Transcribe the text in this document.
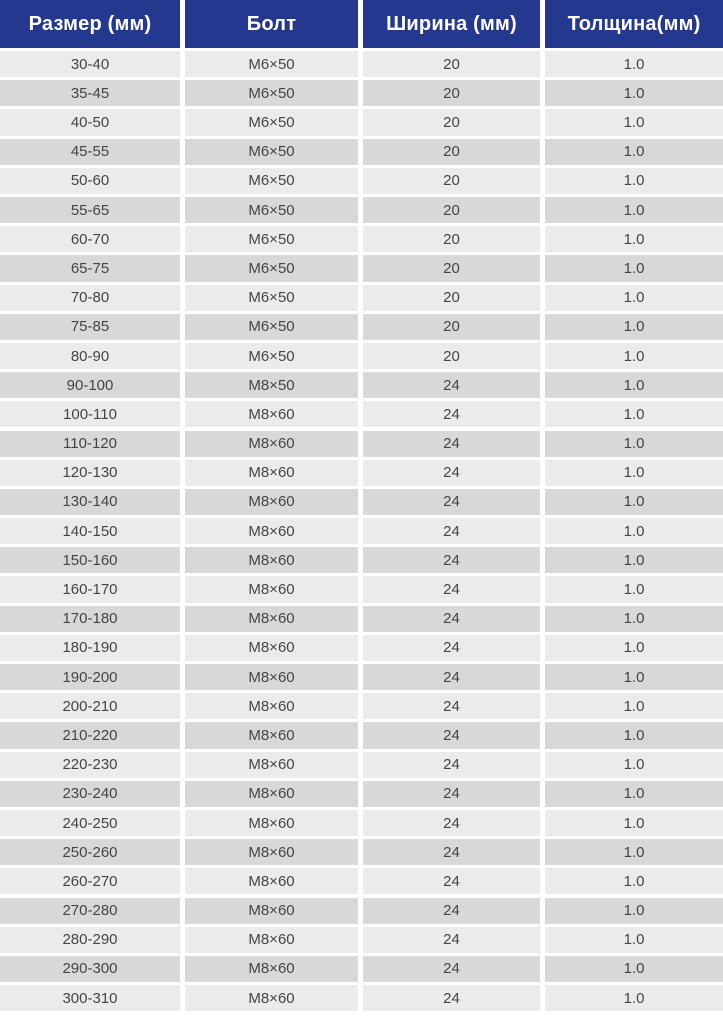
Размер (мм)	Болт	Ширина (мм)	Толщина(мм)
30-40	M6×50	20	1.0
35-45	M6×50	20	1.0
40-50	M6×50	20	1.0
45-55	M6×50	20	1.0
50-60	M6×50	20	1.0
55-65	M6×50	20	1.0
60-70	M6×50	20	1.0
65-75	M6×50	20	1.0
70-80	M6×50	20	1.0
75-85	M6×50	20	1.0
80-90	M6×50	20	1.0
90-100	M8×50	24	1.0
100-110	M8×60	24	1.0
110-120	M8×60	24	1.0
120-130	M8×60	24	1.0
130-140	M8×60	24	1.0
140-150	M8×60	24	1.0
150-160	M8×60	24	1.0
160-170	M8×60	24	1.0
170-180	M8×60	24	1.0
180-190	M8×60	24	1.0
190-200	M8×60	24	1.0
200-210	M8×60	24	1.0
210-220	M8×60	24	1.0
220-230	M8×60	24	1.0
230-240	M8×60	24	1.0
240-250	M8×60	24	1.0
250-260	M8×60	24	1.0
260-270	M8×60	24	1.0
270-280	M8×60	24	1.0
280-290	M8×60	24	1.0
290-300	M8×60	24	1.0
300-310	M8×60	24	1.0
